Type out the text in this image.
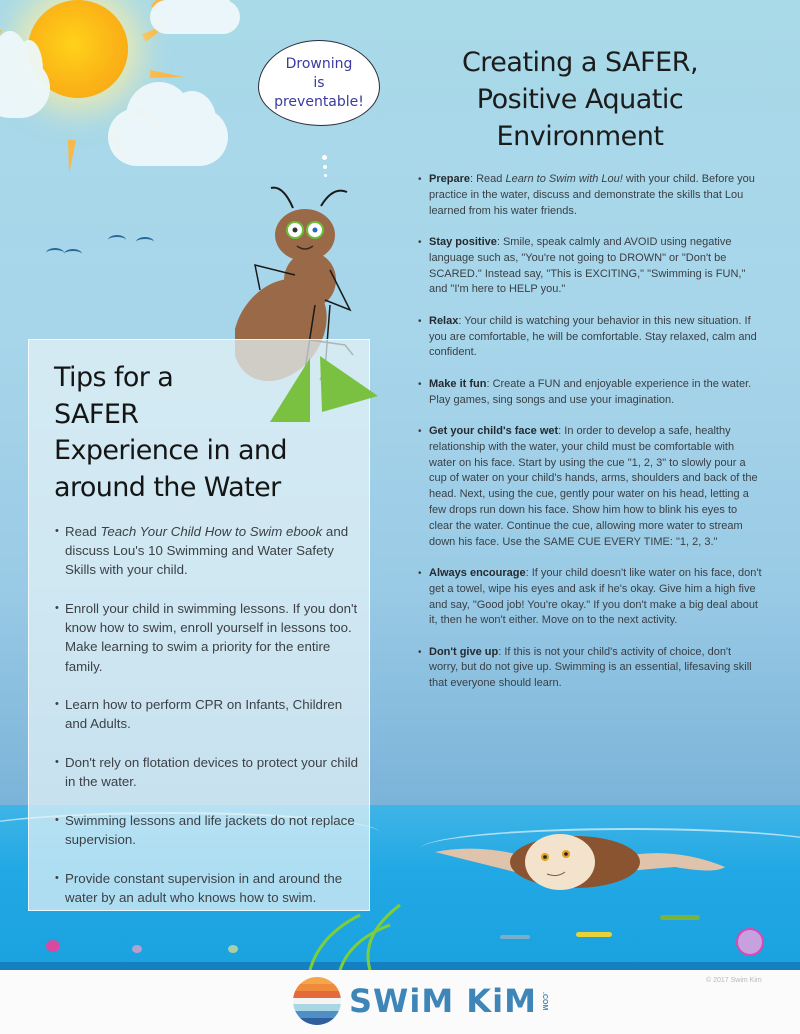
Drowning
is
preventable!
Creating a SAFER,
Positive Aquatic
Environment
• Prepare: Read Learn to Swim with Lou! with your child. Before you practice in the water, discuss and demonstrate the skills that Lou learned from his water friends.
• Stay positive: Smile, speak calmly and AVOID using negative language such as, "You're not going to DROWN" or "Don't be SCARED." Instead say, "This is EXCITING," "Swimming is FUN," and "I'm here to HELP you."
• Relax: Your child is watching your behavior in this new situation. If you are comfortable, he will be comfortable. Stay relaxed, calm and confident.
• Make it fun: Create a FUN and enjoyable experience in the water. Play games, sing songs and use your imagination.
• Get your child's face wet: In order to develop a safe, healthy relationship with the water, your child must be comfortable with water on his face. Start by using the cue "1, 2, 3" to slowly pour a cup of water on your child's hands, arms, shoulders and back of the head. Next, using the cue, gently pour water on his head, letting a few drops run down his face. Show him how to blink his eyes to clear the water. Continue the cue, allowing more water to stream down his face. Use the SAME CUE EVERY TIME: "1, 2, 3."
• Always encourage: If your child doesn't like water on his face, don't get a towel, wipe his eyes and ask if he's okay. Give him a high five and say, "Good job! You're okay." If you don't make a big deal about it, then he won't either. Move on to the next activity.
• Don't give up: If this is not your child's activity of choice, don't worry, but do not give up. Swimming is an essential, lifesaving skill that everyone should learn.
Tips for a
SAFER
Experience in and
around the Water
• Read Teach Your Child How to Swim ebook and discuss Lou's 10 Swimming and Water Safety Skills with your child.
• Enroll your child in swimming lessons. If you don't know how to swim, enroll yourself in lessons too. Make learning to swim a priority for the entire family.
• Learn how to perform CPR on Infants, Children and Adults.
• Don't rely on flotation devices to protect your child in the water.
• Swimming lessons and life jackets do not replace supervision.
• Provide constant supervision in and around the water by an adult who knows how to swim.
SWiM KiM .COM
© 2017 Swim Kim
